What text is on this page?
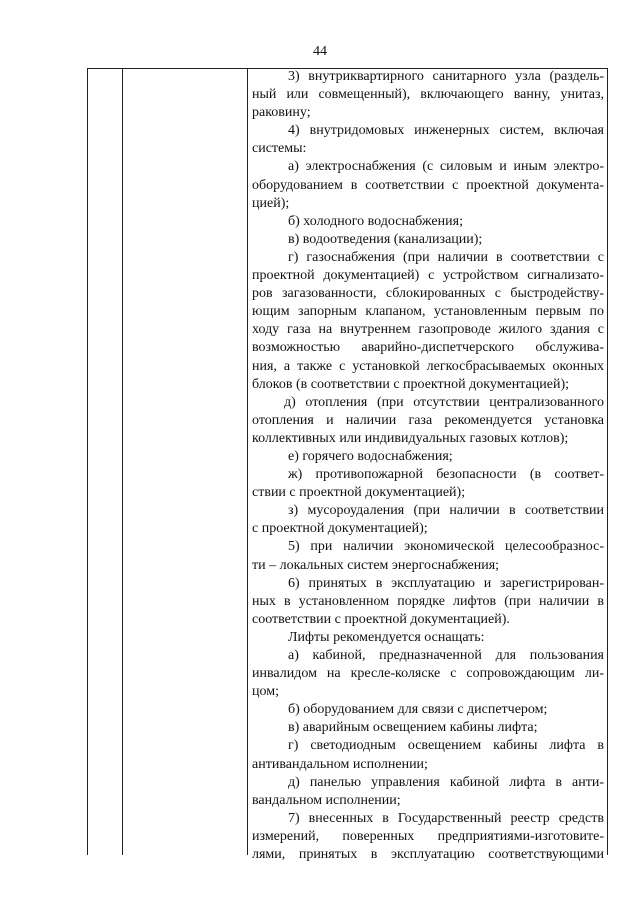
44
3) внутриквартирного санитарного узла (раздель-
ный или совмещенный), включающего ванну, унитаз,
раковину;
4) внутридомовых инженерных систем, включая
системы:
а) электроснабжения (с силовым и иным электро-
оборудованием в соответствии с проектной документа-
цией);
б) холодного водоснабжения;
в) водоотведения (канализации);
г) газоснабжения (при наличии в соответствии с
проектной документацией) с устройством сигнализато-
ров загазованности, сблокированных с быстродейству-
ющим запорным клапаном, установленным первым по
ходу газа на внутреннем газопроводе жилого здания с
возможностью аварийно-диспетчерского обслужива-
ния, а также с установкой легкосбрасываемых оконных
блоков (в соответствии с проектной документацией);
д) отопления (при отсутствии централизованного
отопления и наличии газа рекомендуется установка
коллективных или индивидуальных газовых котлов);
е) горячего водоснабжения;
ж) противопожарной безопасности (в соответ-
ствии с проектной документацией);
з) мусороудаления (при наличии в соответствии
с проектной документацией);
5) при наличии экономической целесообразнос-
ти – локальных систем энергоснабжения;
6) принятых в эксплуатацию и зарегистрирован-
ных в установленном порядке лифтов (при наличии в
соответствии с проектной документацией).
Лифты рекомендуется оснащать:
а) кабиной, предназначенной для пользования
инвалидом на кресле-коляске с сопровождающим ли-
цом;
б) оборудованием для связи с диспетчером;
в) аварийным освещением кабины лифта;
г) светодиодным освещением кабины лифта в
антивандальном исполнении;
д) панелью управления кабиной лифта в анти-
вандальном исполнении;
7) внесенных в Государственный реестр средств
измерений, поверенных предприятиями-изготовите-
лями, принятых в эксплуатацию соответствующими
